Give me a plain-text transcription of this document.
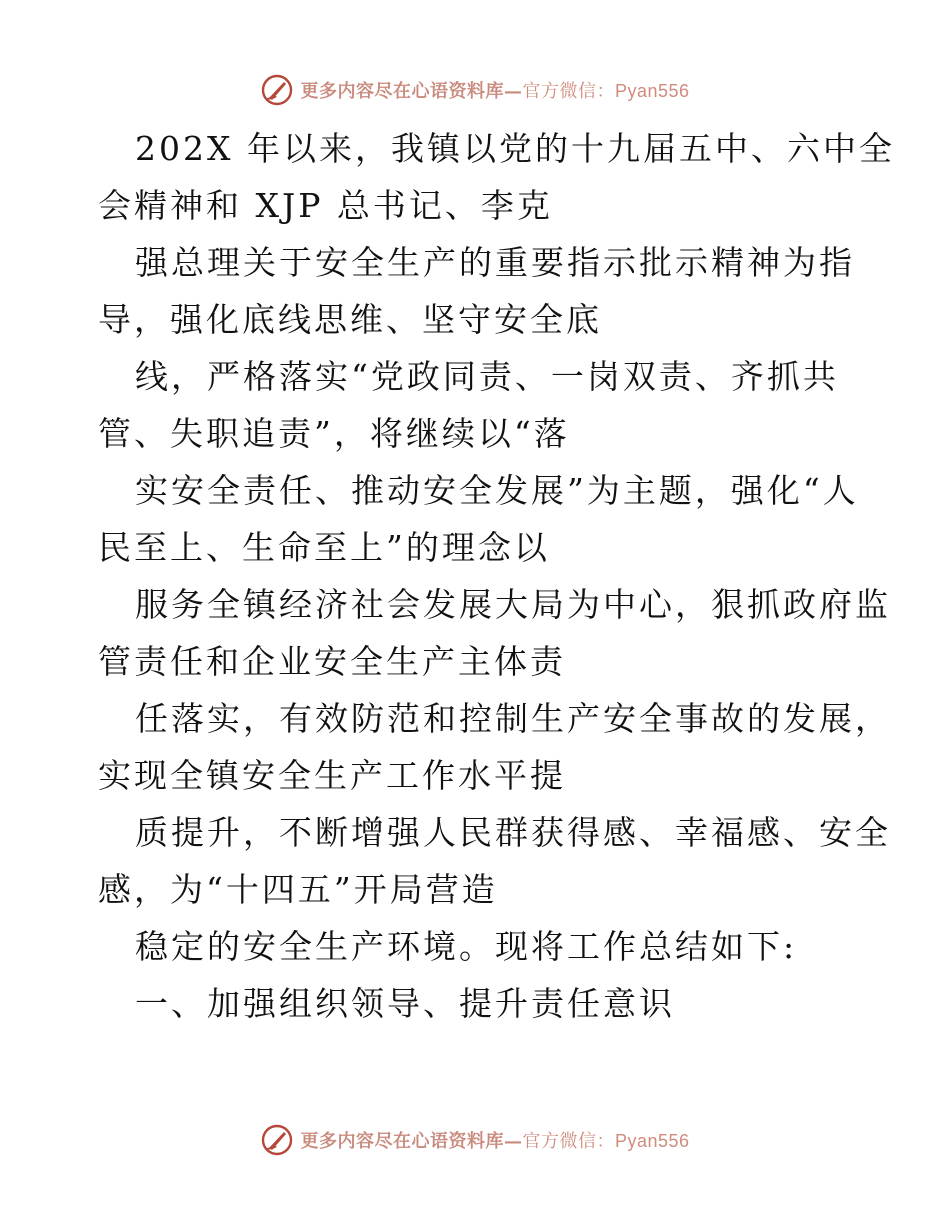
更多内容尽在心语资料库—官方微信：Pyan556
202X 年以来，我镇以党的十九届五中、六中全
会精神和 XJP 总书记、李克
强总理关于安全生产的重要指示批示精神为指
导，强化底线思维、坚守安全底
线，严格落实“党政同责、一岗双责、齐抓共
管、失职追责”，将继续以“落
实安全责任、推动安全发展”为主题，强化“人
民至上、生命至上”的理念以
服务全镇经济社会发展大局为中心，狠抓政府监
管责任和企业安全生产主体责
任落实，有效防范和控制生产安全事故的发展，
实现全镇安全生产工作水平提
质提升，不断增强人民群获得感、幸福感、安全
感，为“十四五”开局营造
稳定的安全生产环境。现将工作总结如下:
一、加强组织领导、提升责任意识
更多内容尽在心语资料库—官方微信：Pyan556
